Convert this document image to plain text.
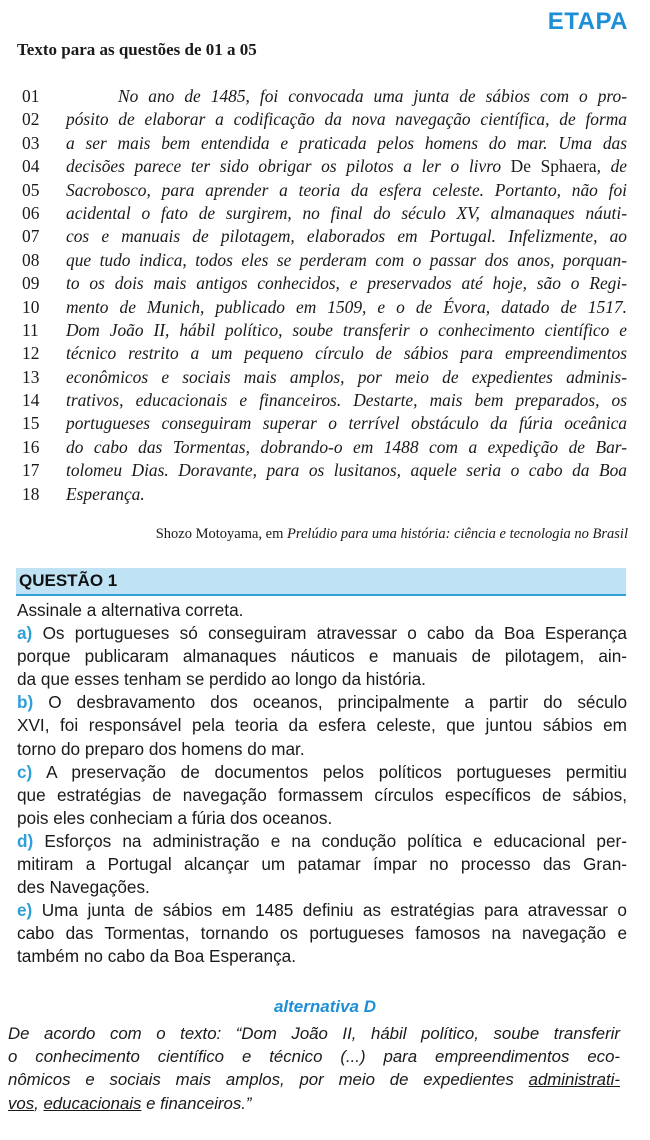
ETAPA
Texto para as questões de 01 a 05
01	No ano de 1485, foi convocada uma junta de sábios com o pro-
02	pósito de elaborar a codificação da nova navegação científica, de forma
03	a ser mais bem entendida e praticada pelos homens do mar. Uma das
04	decisões parece ter sido obrigar os pilotos a ler o livro De Sphaera, de
05	Sacrobosco, para aprender a teoria da esfera celeste. Portanto, não foi
06	acidental o fato de surgirem, no final do século XV, almanaques náuti-
07	cos e manuais de pilotagem, elaborados em Portugal. Infelizmente, ao
08	que tudo indica, todos eles se perderam com o passar dos anos, porquan-
09	to os dois mais antigos conhecidos, e preservados até hoje, são o Regi-
10	mento de Munich, publicado em 1509, e o de Évora, datado de 1517.
11	Dom João II, hábil político, soube transferir o conhecimento científico e
12	técnico restrito a um pequeno círculo de sábios para empreendimentos
13	econômicos e sociais mais amplos, por meio de expedientes adminis-
14	trativos, educacionais e financeiros. Destarte, mais bem preparados, os
15	portugueses conseguiram superar o terrível obstáculo da fúria oceânica
16	do cabo das Tormentas, dobrando-o em 1488 com a expedição de Bar-
17	tolomeu Dias. Doravante, para os lusitanos, aquele seria o cabo da Boa
18	Esperança.
Shozo Motoyama, em Prelúdio para uma história: ciência e tecnologia no Brasil
QUESTÃO 1
Assinale a alternativa correta.
a) Os portugueses só conseguiram atravessar o cabo da Boa Esperança
porque publicaram almanaques náuticos e manuais de pilotagem, ain-
da que esses tenham se perdido ao longo da história.
b) O desbravamento dos oceanos, principalmente a partir do século
XVI, foi responsável pela teoria da esfera celeste, que juntou sábios em
torno do preparo dos homens do mar.
c) A preservação de documentos pelos políticos portugueses permitiu
que estratégias de navegação formassem círculos específicos de sábios,
pois eles conheciam a fúria dos oceanos.
d) Esforços na administração e na condução política e educacional per-
mitiram a Portugal alcançar um patamar ímpar no processo das Gran-
des Navegações.
e) Uma junta de sábios em 1485 definiu as estratégias para atravessar o
cabo das Tormentas, tornando os portugueses famosos na navegação e
também no cabo da Boa Esperança.
alternativa D
De acordo com o texto: “Dom João II, hábil político, soube transferir
o conhecimento científico e técnico (...) para empreendimentos eco-
nômicos e sociais mais amplos, por meio de expedientes administrati-
vos, educacionais e financeiros.”
